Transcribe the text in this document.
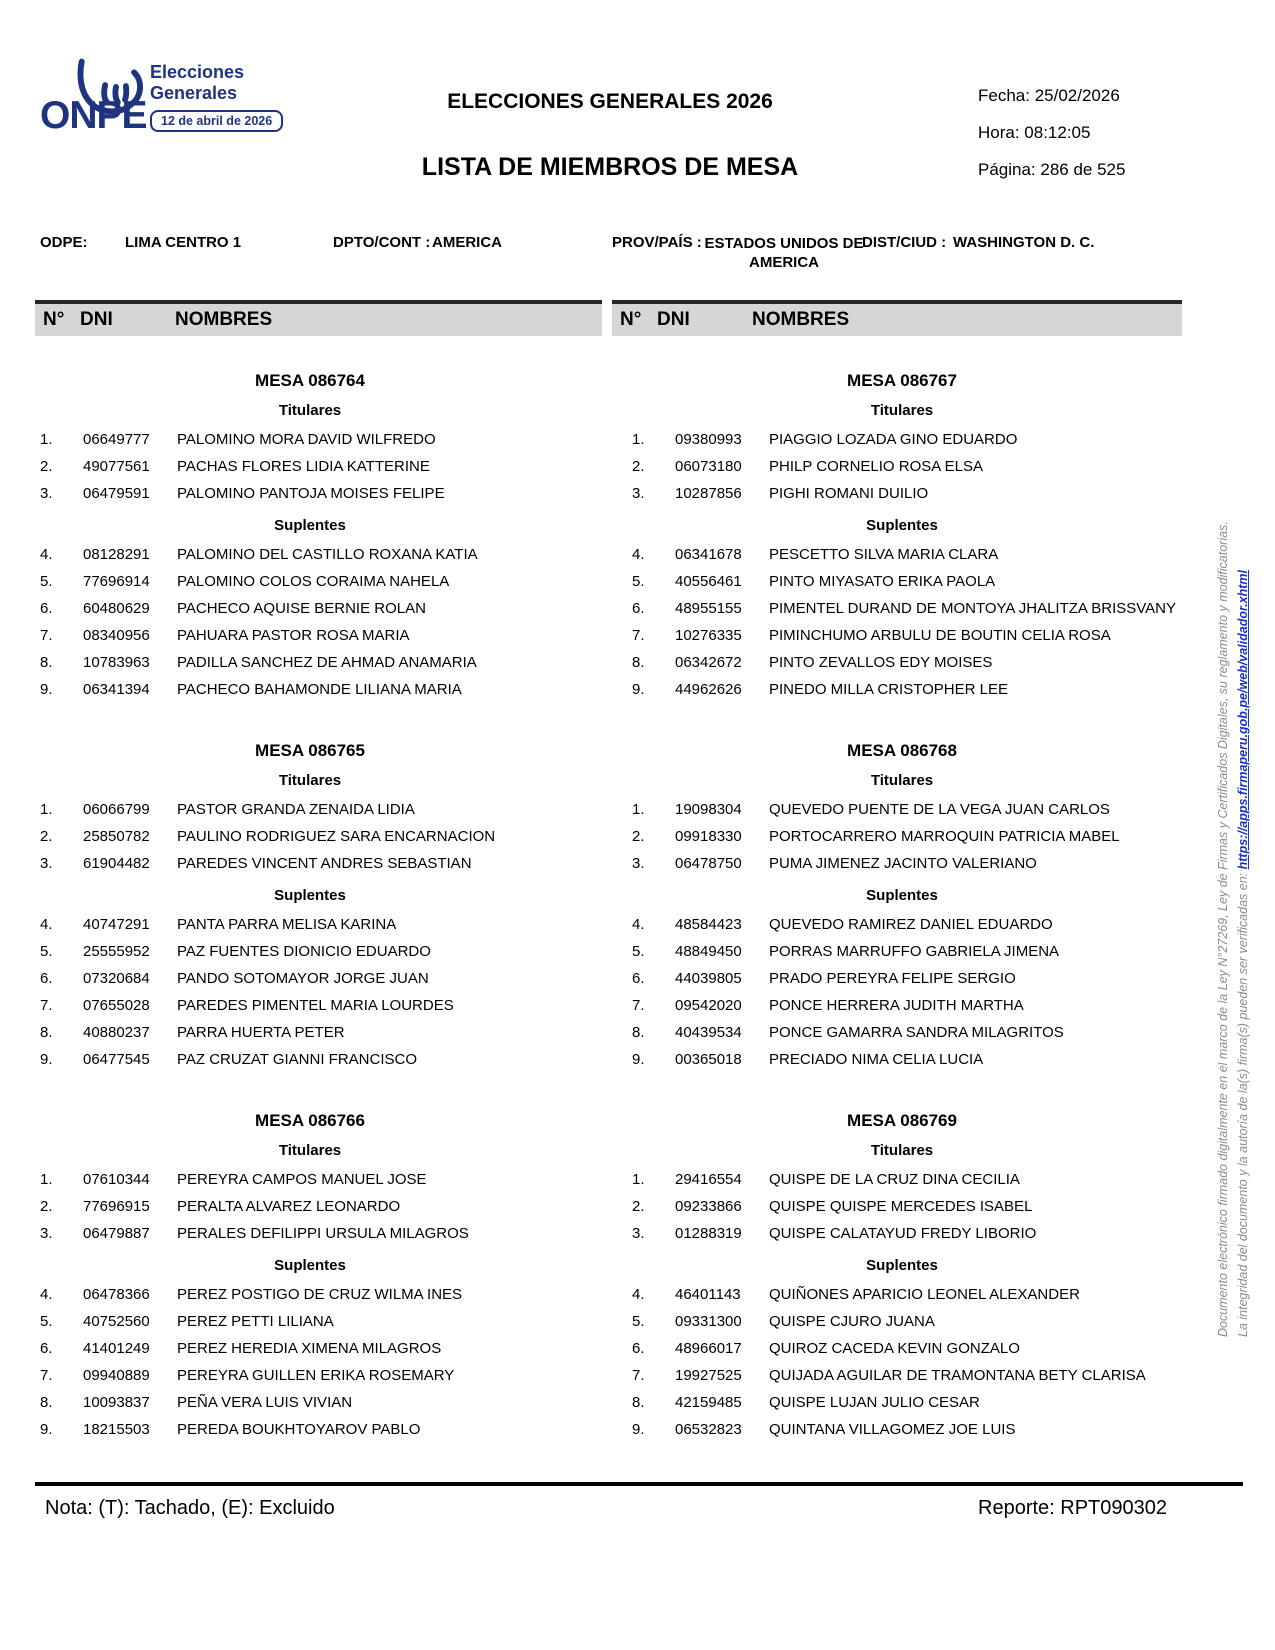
ONPE
Elecciones
Generales
12 de abril de 2026
ELECCIONES GENERALES 2026
LISTA DE MIEMBROS DE MESA
Fecha: 25/02/2026
Hora: 08:12:05
Página: 286 de 525
ODPE: LIMA CENTRO 1	DPTO/CONT : AMERICA	PROV/PAÍS : ESTADOS UNIDOS DE AMERICA
DIST/CIUD : WASHINGTON D. C.
N° DNI	NOMBRES	N° DNI	NOMBRES
MESA 086764
Titulares
1.	06649777	PALOMINO MORA DAVID WILFREDO
2.	49077561	PACHAS FLORES LIDIA KATTERINE
3.	06479591	PALOMINO PANTOJA MOISES FELIPE
Suplentes
4.	08128291	PALOMINO DEL CASTILLO ROXANA KATIA
5.	77696914	PALOMINO COLOS CORAIMA NAHELA
6.	60480629	PACHECO AQUISE BERNIE ROLAN
7.	08340956	PAHUARA PASTOR ROSA MARIA
8.	10783963	PADILLA SANCHEZ DE AHMAD ANAMARIA
9.	06341394	PACHECO BAHAMONDE LILIANA MARIA
MESA 086765
Titulares
1.	06066799	PASTOR GRANDA ZENAIDA LIDIA
2.	25850782	PAULINO RODRIGUEZ SARA ENCARNACION
3.	61904482	PAREDES VINCENT ANDRES SEBASTIAN
Suplentes
4.	40747291	PANTA PARRA MELISA KARINA
5.	25555952	PAZ FUENTES DIONICIO EDUARDO
6.	07320684	PANDO SOTOMAYOR JORGE JUAN
7.	07655028	PAREDES PIMENTEL MARIA LOURDES
8.	40880237	PARRA HUERTA PETER
9.	06477545	PAZ CRUZAT GIANNI FRANCISCO
MESA 086766
Titulares
1.	07610344	PEREYRA CAMPOS MANUEL JOSE
2.	77696915	PERALTA ALVAREZ LEONARDO
3.	06479887	PERALES DEFILIPPI URSULA MILAGROS
Suplentes
4.	06478366	PEREZ POSTIGO DE CRUZ WILMA INES
5.	40752560	PEREZ PETTI LILIANA
6.	41401249	PEREZ HEREDIA XIMENA MILAGROS
7.	09940889	PEREYRA GUILLEN ERIKA ROSEMARY
8.	10093837	PEÑA VERA LUIS VIVIAN
9.	18215503	PEREDA BOUKHTOYAROV PABLO
MESA 086767
Titulares
1.	09380993	PIAGGIO LOZADA GINO EDUARDO
2.	06073180	PHILP CORNELIO ROSA ELSA
3.	10287856	PIGHI ROMANI DUILIO
Suplentes
4.	06341678	PESCETTO SILVA MARIA CLARA
5.	40556461	PINTO MIYASATO ERIKA PAOLA
6.	48955155	PIMENTEL DURAND DE MONTOYA JHALITZA BRISSVANY
7.	10276335	PIMINCHUMO ARBULU DE BOUTIN CELIA ROSA
8.	06342672	PINTO ZEVALLOS EDY MOISES
9.	44962626	PINEDO MILLA CRISTOPHER LEE
MESA 086768
Titulares
1.	19098304	QUEVEDO PUENTE DE LA VEGA JUAN CARLOS
2.	09918330	PORTOCARRERO MARROQUIN PATRICIA MABEL
3.	06478750	PUMA JIMENEZ JACINTO VALERIANO
Suplentes
4.	48584423	QUEVEDO RAMIREZ DANIEL EDUARDO
5.	48849450	PORRAS MARRUFFO GABRIELA JIMENA
6.	44039805	PRADO PEREYRA FELIPE SERGIO
7.	09542020	PONCE HERRERA JUDITH MARTHA
8.	40439534	PONCE GAMARRA SANDRA MILAGRITOS
9.	00365018	PRECIADO NIMA CELIA LUCIA
MESA 086769
Titulares
1.	29416554	QUISPE DE LA CRUZ DINA CECILIA
2.	09233866	QUISPE QUISPE MERCEDES ISABEL
3.	01288319	QUISPE CALATAYUD FREDY LIBORIO
Suplentes
4.	46401143	QUIÑONES APARICIO LEONEL ALEXANDER
5.	09331300	QUISPE CJURO JUANA
6.	48966017	QUIROZ CACEDA KEVIN GONZALO
7.	19927525	QUIJADA AGUILAR DE TRAMONTANA BETY CLARISA
8.	42159485	QUISPE LUJAN JULIO CESAR
9.	06532823	QUINTANA VILLAGOMEZ JOE LUIS
Nota: (T): Tachado, (E): Excluido	Reporte: RPT090302
Documento electrónico firmado digitalmente en el marco de la Ley N°27269, Ley de Firmas y Certificados Digitales, su reglamento y modificatorias. La integridad del documento y la autoría de la(s) firma(s) pueden ser verificadas en: https://apps.firmaperu.gob.pe/web/validador.xhtml
